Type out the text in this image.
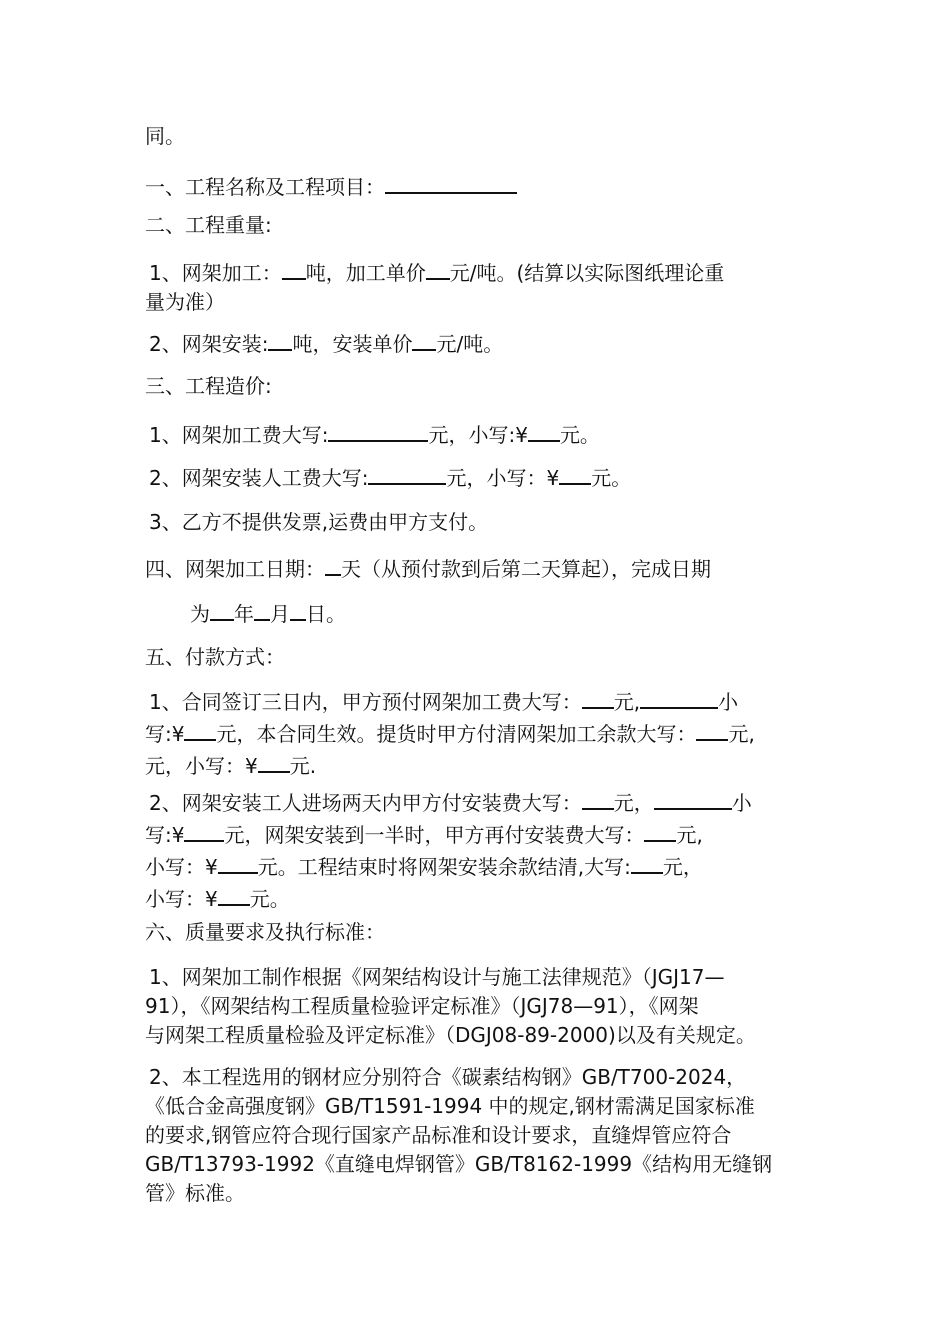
同。
一、工程名称及工程项目：
二、工程重量:
1、网架加工： 吨，加工单价 元/吨。(结算以实际图纸理论重
量为准）
2、网架安装: 吨，安装单价 元/吨。
三、工程造价:
1、网架加工费大写:	元，小写:¥ 元。
2、网架安装人工费大写:	元，小写：¥ 元。
3、乙方不提供发票,运费由甲方支付。
四、网架加工日期： 天（从预付款到后第二天算起），完成日期
为 年 月 日。
五、付款方式：
1、合同签订三日内，甲方预付网架加工费大写： 元,	小
写:¥ 元，本合同生效。提货时甲方付清网架加工余款大写： 元,
元，小写：¥ 元.
2、网架安装工人进场两天内甲方付安装费大写： 元，	小
写:¥ 元，网架安装到一半时，甲方再付安装费大写： 元,
小写：¥ 元。工程结束时将网架安装余款结清,大写: 元，
小写：¥ 元。
六、质量要求及执行标准：
1、网架加工制作根据《网架结构设计与施工法律规范》（JGJ17—
91），《网架结构工程质量检验评定标准》（JGJ78—91），《网架
与网架工程质量检验及评定标准》（DGJ08-89-2000)以及有关规定。
2、本工程选用的钢材应分别符合《碳素结构钢》GB/T700-2024，
《低合金高强度钢》GB/T1591-1994 中的规定,钢材需满足国家标准
的要求,钢管应符合现行国家产品标准和设计要求，直缝焊管应符合
GB/T13793-1992《直缝电焊钢管》GB/T8162-1999《结构用无缝钢
管》标准。
